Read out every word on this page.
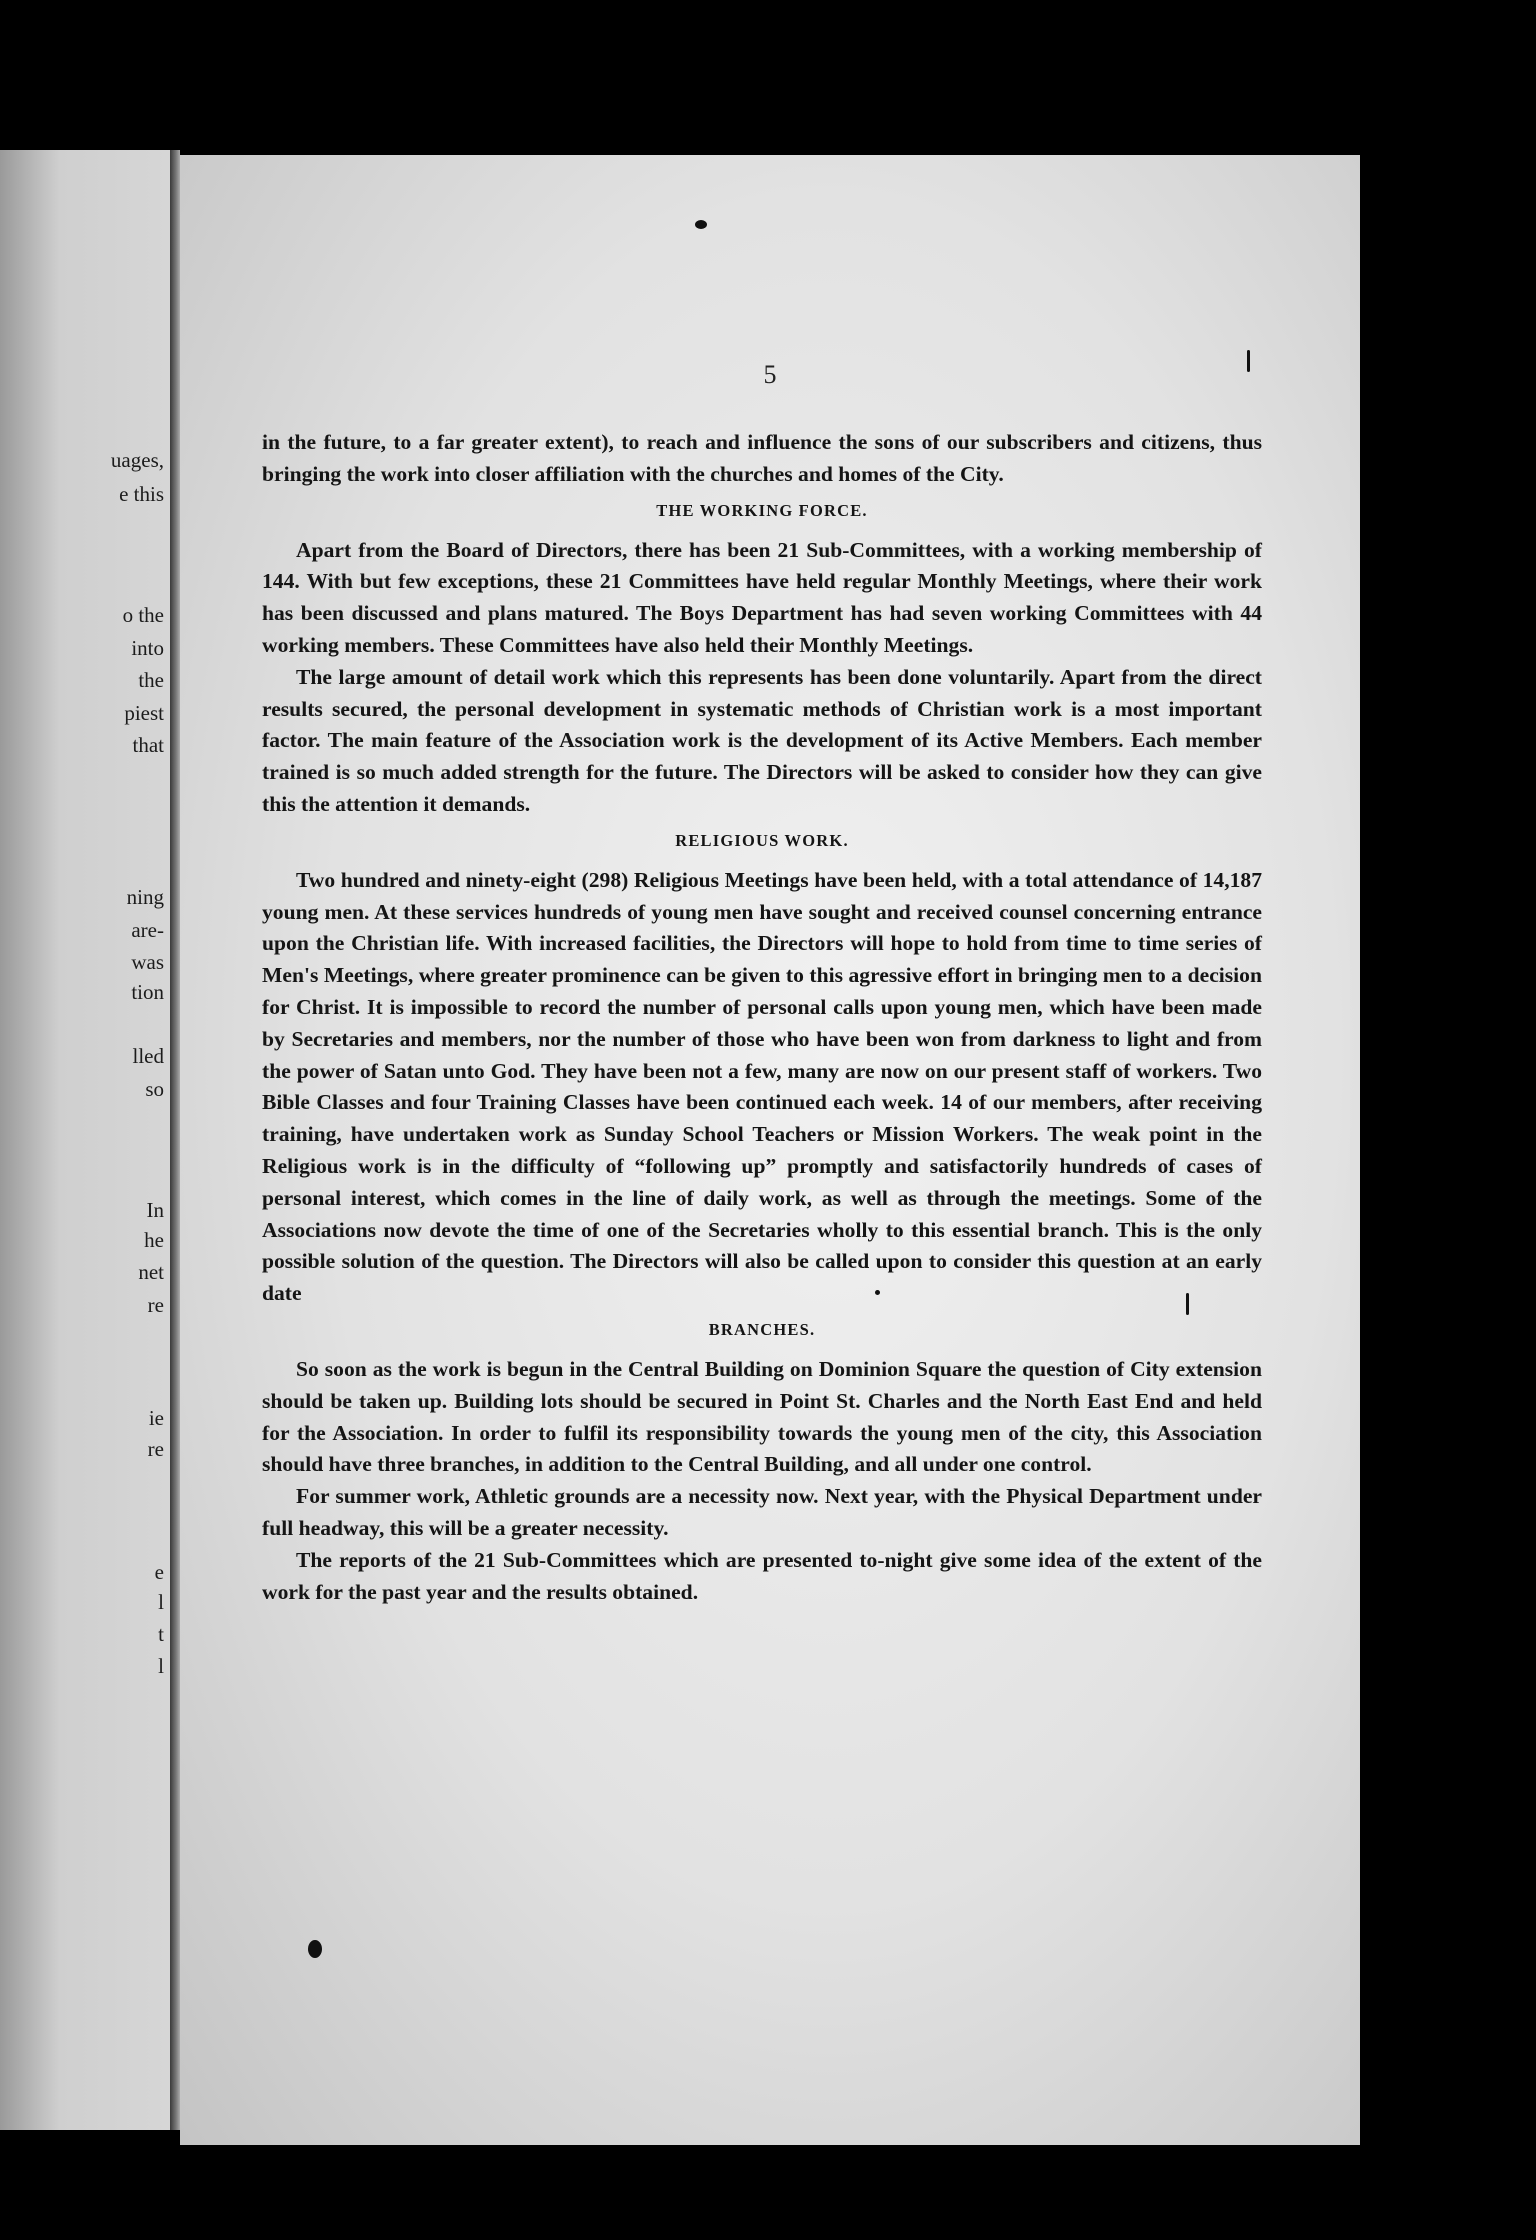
uages,
e this
o the
into
the
piest
that
ning
are-
was
tion
lled
so
In
he
net
re
ie
re
e
l
t
l
5

in the future, to a far greater extent), to reach and influence the sons of our subscribers and citizens, thus bringing the work into closer affiliation with the churches and homes of the City.

THE WORKING FORCE.

Apart from the Board of Directors, there has been 21 Sub-Committees, with a working membership of 144. With but few exceptions, these 21 Committees have held regular Monthly Meetings, where their work has been discussed and plans matured. The Boys Department has had seven working Committees with 44 working members. These Committees have also held their Monthly Meetings.

The large amount of detail work which this represents has been done voluntarily. Apart from the direct results secured, the personal development in systematic methods of Christian work is a most important factor. The main feature of the Association work is the development of its Active Members. Each member trained is so much added strength for the future. The Directors will be asked to consider how they can give this the attention it demands.

RELIGIOUS WORK.

Two hundred and ninety-eight (298) Religious Meetings have been held, with a total attendance of 14,187 young men. At these services hundreds of young men have sought and received counsel concerning entrance upon the Christian life. With increased facilities, the Directors will hope to hold from time to time series of Men's Meetings, where greater prominence can be given to this agressive effort in bringing men to a decision for Christ. It is impossible to record the number of personal calls upon young men, which have been made by Secretaries and members, nor the number of those who have been won from darkness to light and from the power of Satan unto God. They have been not a few, many are now on our present staff of workers. Two Bible Classes and four Training Classes have been continued each week. 14 of our members, after receiving training, have undertaken work as Sunday School Teachers or Mission Workers. The weak point in the Religious work is in the difficulty of “following up” promptly and satisfactorily hundreds of cases of personal interest, which comes in the line of daily work, as well as through the meetings. Some of the Associations now devote the time of one of the Secretaries wholly to this essential branch. This is the only possible solution of the question. The Directors will also be called upon to consider this question at an early date

BRANCHES.

So soon as the work is begun in the Central Building on Dominion Square the question of City extension should be taken up. Building lots should be secured in Point St. Charles and the North East End and held for the Association. In order to fulfil its responsibility towards the young men of the city, this Association should have three branches, in addition to the Central Building, and all under one control.

For summer work, Athletic grounds are a necessity now. Next year, with the Physical Department under full headway, this will be a greater necessity.

The reports of the 21 Sub-Committees which are presented to-night give some idea of the extent of the work for the past year and the results obtained.
